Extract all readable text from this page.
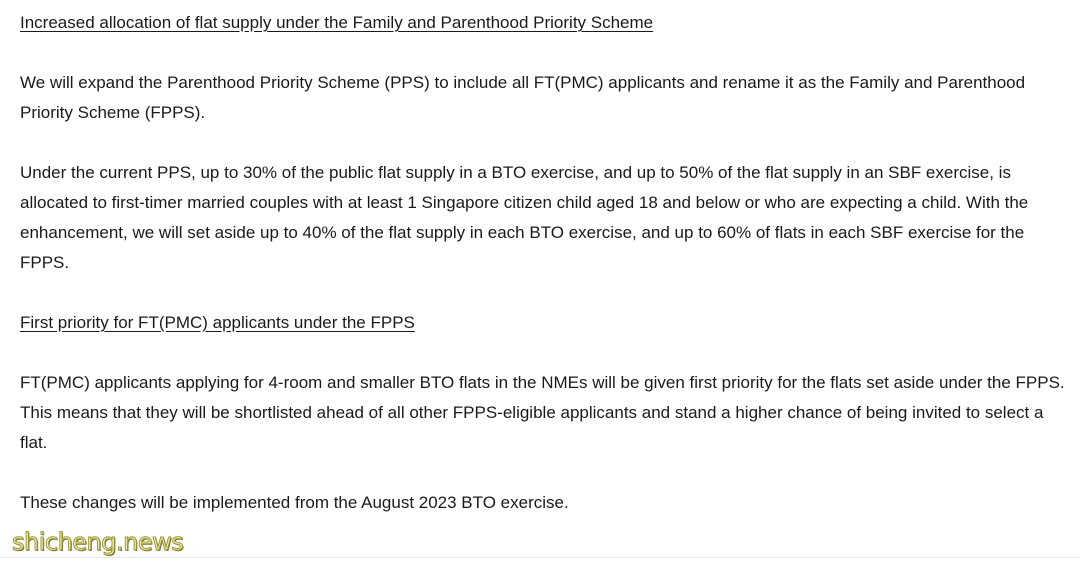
Increased allocation of flat supply under the Family and Parenthood Priority Scheme

We will expand the Parenthood Priority Scheme (PPS) to include all FT(PMC) applicants and rename it as the Family and Parenthood Priority Scheme (FPPS).

Under the current PPS, up to 30% of the public flat supply in a BTO exercise, and up to 50% of the flat supply in an SBF exercise, is allocated to first-timer married couples with at least 1 Singapore citizen child aged 18 and below or who are expecting a child. With the enhancement, we will set aside up to 40% of the flat supply in each BTO exercise, and up to 60% of flats in each SBF exercise for the FPPS.

First priority for FT(PMC) applicants under the FPPS

FT(PMC) applicants applying for 4-room and smaller BTO flats in the NMEs will be given first priority for the flats set aside under the FPPS. This means that they will be shortlisted ahead of all other FPPS-eligible applicants and stand a higher chance of being invited to select a flat.

These changes will be implemented from the August 2023 BTO exercise.

shicheng.news
